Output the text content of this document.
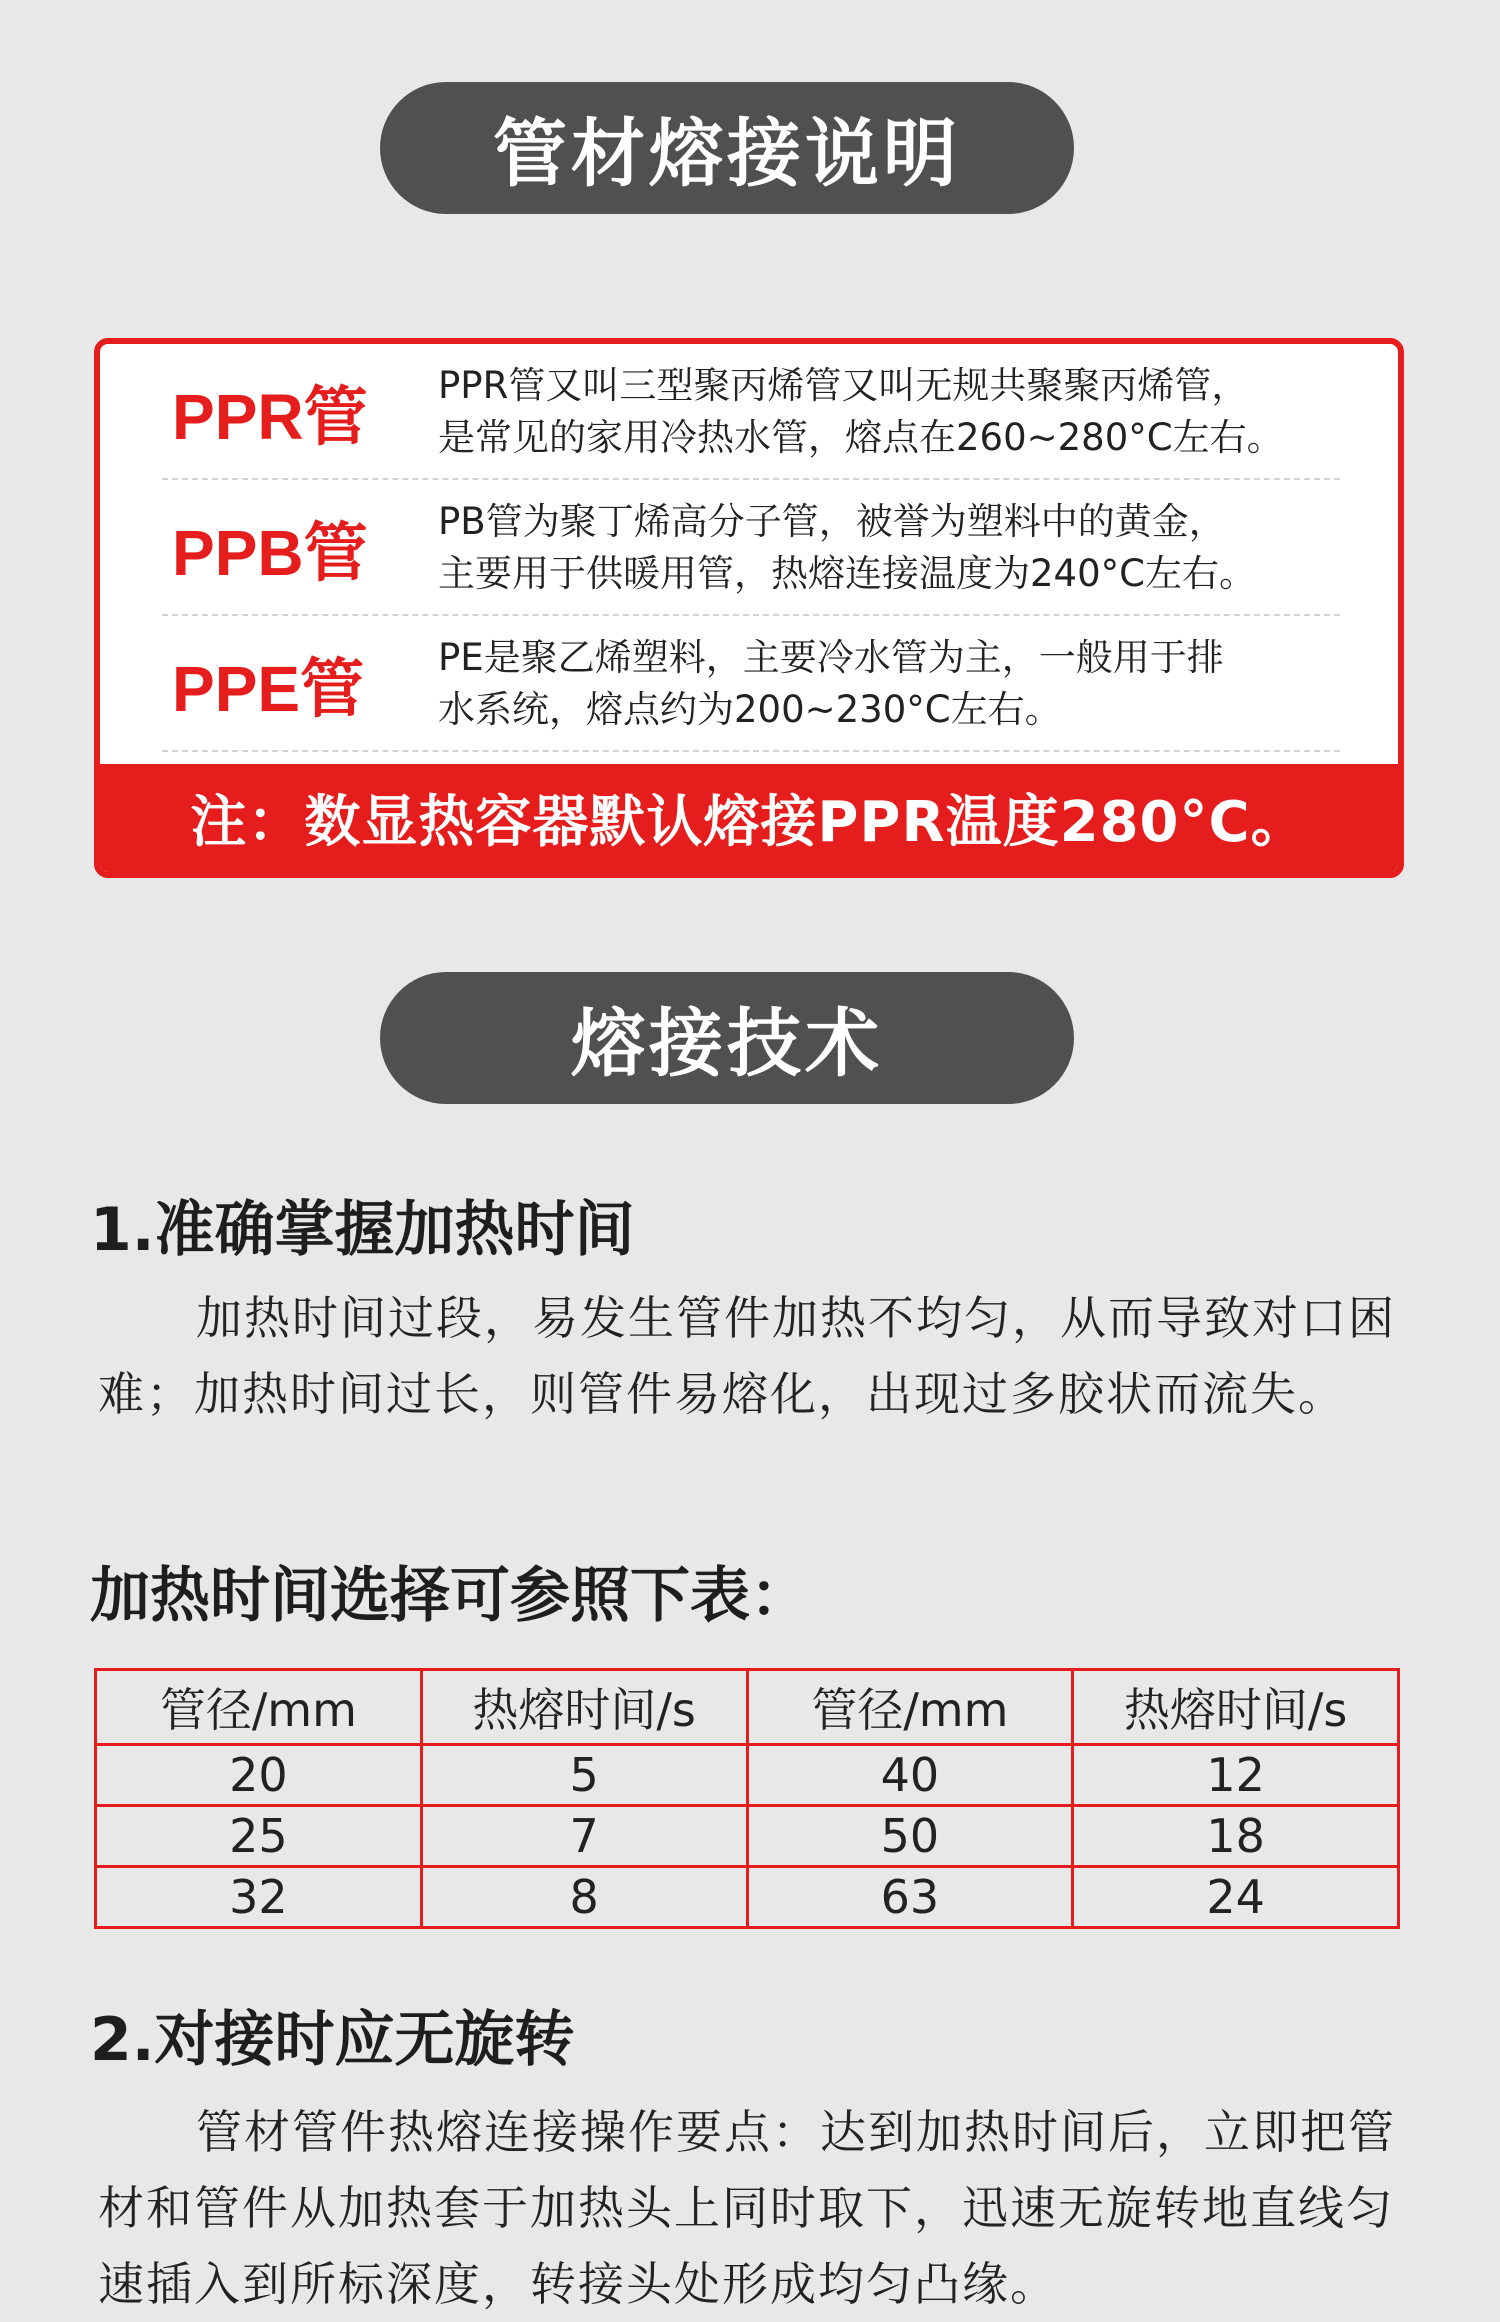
管材熔接说明
PPR管 PPR管又叫三型聚丙烯管又叫无规共聚聚丙烯管，
是常见的家用冷热水管，熔点在260~280°C左右。
PPB管 PB管为聚丁烯高分子管，被誉为塑料中的黄金，
主要用于供暖用管，热熔连接温度为240°C左右。
PPE管 PE是聚乙烯塑料，主要冷水管为主，一般用于排
水系统，熔点约为200~230°C左右。
注：数显热容器默认熔接PPR温度280°C。
熔接技术
1.准确掌握加热时间
加热时间过段，易发生管件加热不均匀，从而导致对口困难；加热时间过长，则管件易熔化，出现过多胶状而流失。
加热时间选择可参照下表：
管径/mm	热熔时间/s	管径/mm	热熔时间/s
20	5	40	12
25	7	50	18
32	8	63	24
2.对接时应无旋转
管材管件热熔连接操作要点：达到加热时间后，立即把管材和管件从加热套于加热头上同时取下，迅速无旋转地直线匀速插入到所标深度，转接头处形成均匀凸缘。
